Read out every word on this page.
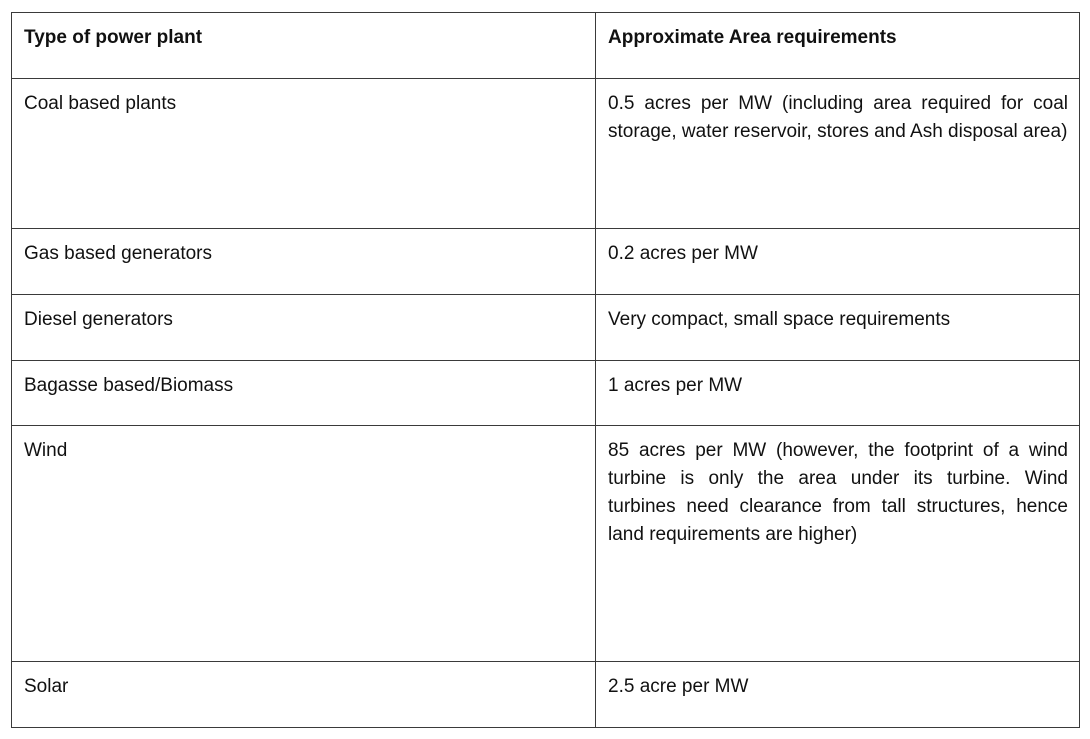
Type of power plant	Approximate Area requirements
Coal based plants	0.5 acres per MW (including area required for coal storage, water reservoir, stores and Ash disposal area)
Gas based generators	0.2 acres per MW
Diesel generators	Very compact, small space requirements
Bagasse based/Biomass	1 acres per MW
Wind	85 acres per MW (however, the footprint of a wind turbine is only the area under its turbine. Wind turbines need clearance from tall structures, hence land requirements are higher)
Solar	2.5 acre per MW
